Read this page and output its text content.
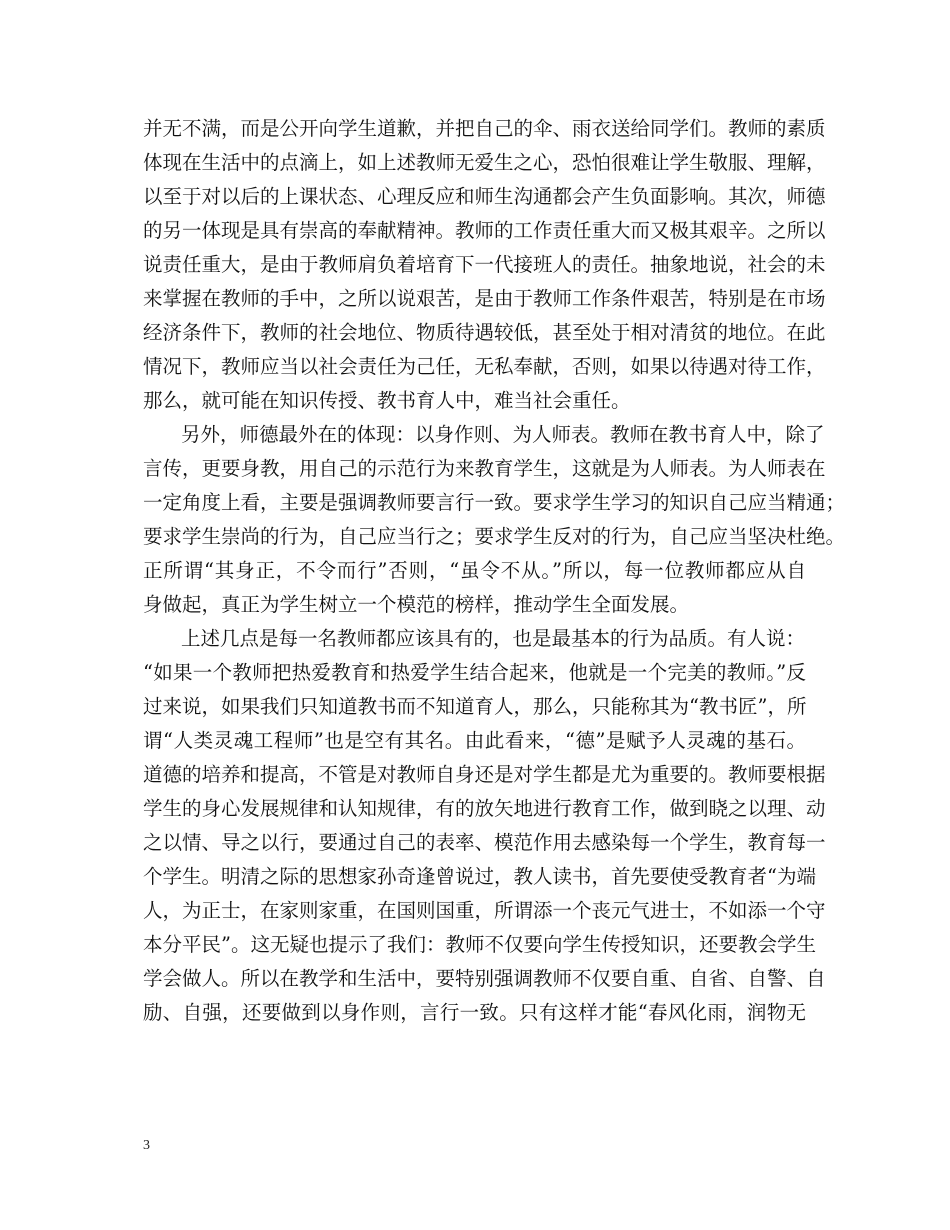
并无不满，而是公开向学生道歉，并把自己的伞、雨衣送给同学们。教师的素质
体现在生活中的点滴上，如上述教师无爱生之心，恐怕很难让学生敬服、理解，
以至于对以后的上课状态、心理反应和师生沟通都会产生负面影响。其次，师德
的另一体现是具有崇高的奉献精神。教师的工作责任重大而又极其艰辛。之所以
说责任重大，是由于教师肩负着培育下一代接班人的责任。抽象地说，社会的未
来掌握在教师的手中，之所以说艰苦，是由于教师工作条件艰苦，特别是在市场
经济条件下，教师的社会地位、物质待遇较低，甚至处于相对清贫的地位。在此
情况下，教师应当以社会责任为己任，无私奉献，否则，如果以待遇对待工作，
那么，就可能在知识传授、教书育人中，难当社会重任。
另外，师德最外在的体现：以身作则、为人师表。教师在教书育人中，除了
言传，更要身教，用自己的示范行为来教育学生，这就是为人师表。为人师表在
一定角度上看，主要是强调教师要言行一致。要求学生学习的知识自己应当精通；
要求学生崇尚的行为，自己应当行之；要求学生反对的行为，自己应当坚决杜绝。
正所谓“其身正，不令而行”否则，“虽令不从。”所以，每一位教师都应从自
身做起，真正为学生树立一个模范的榜样，推动学生全面发展。
上述几点是每一名教师都应该具有的，也是最基本的行为品质。有人说：
“如果一个教师把热爱教育和热爱学生结合起来，他就是一个完美的教师。”反
过来说，如果我们只知道教书而不知道育人，那么，只能称其为“教书匠”，所
谓“人类灵魂工程师”也是空有其名。由此看来，“德”是赋予人灵魂的基石。
道德的培养和提高，不管是对教师自身还是对学生都是尤为重要的。教师要根据
学生的身心发展规律和认知规律，有的放矢地进行教育工作，做到晓之以理、动
之以情、导之以行，要通过自己的表率、模范作用去感染每一个学生，教育每一
个学生。明清之际的思想家孙奇逢曾说过，教人读书，首先要使受教育者“为端
人，为正士，在家则家重，在国则国重，所谓添一个丧元气进士，不如添一个守
本分平民”。这无疑也提示了我们：教师不仅要向学生传授知识，还要教会学生
学会做人。所以在教学和生活中，要特别强调教师不仅要自重、自省、自警、自
励、自强，还要做到以身作则，言行一致。只有这样才能“春风化雨，润物无
3
